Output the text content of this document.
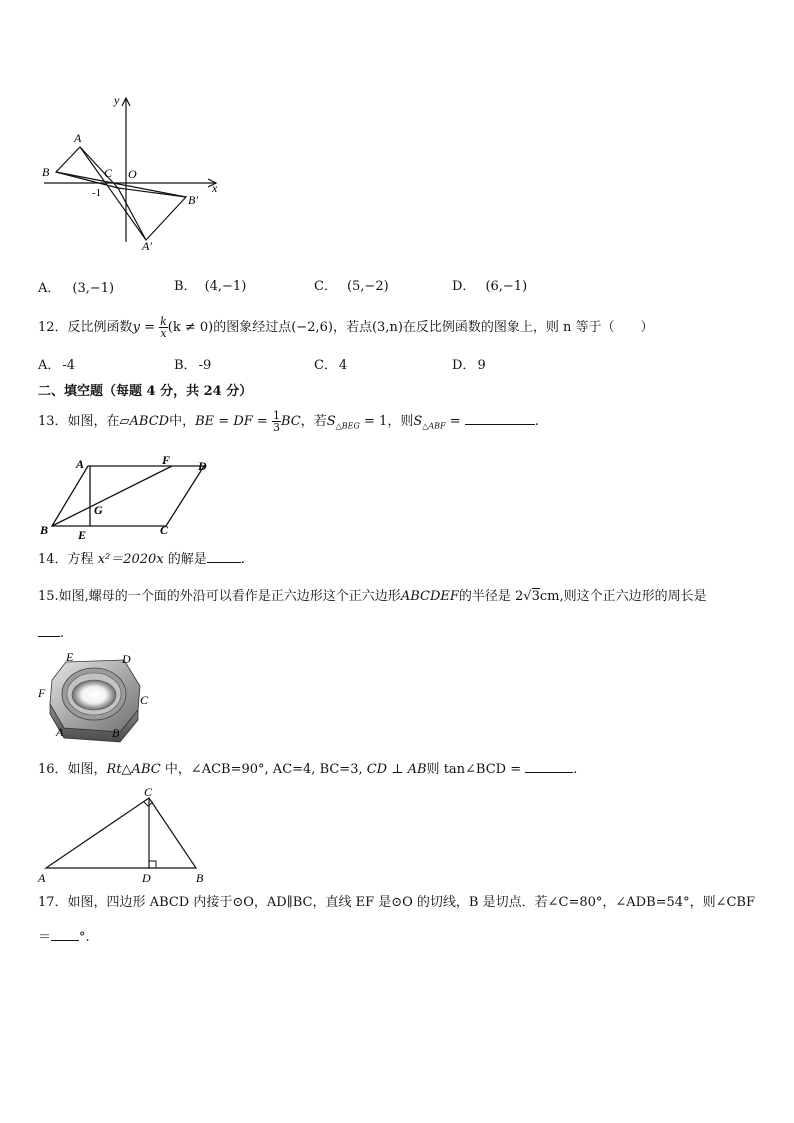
A
B	C O
-1	B′
A′
y
x
A． (3,−1)	B． (4,−1)	C． (5,−2)	D． (6,−1)
12．反比例函数$y = \frac{k}{x} (k \ne 0)$的图象经过点(−2,6)，若点(3,n)在反比例函数的图象上，则 n 等于（　　）
A． -4	B． -9	C． 4	D． 9
二、填空题（每题 4 分，共 24 分）
13．如图，在▱ABCD中，BE = DF = $\frac{1}{3}$ BC，若$S_{\triangle BEG} = 1$，则$S_{\triangle ABF}$ =	.
A	F D
B
G
E	C
14．方程 x²＝2020x 的解是	.
15.如图,螺母的一个面的外沿可以看作是正六边形这个正六边形ABCDEF的半径是 2√3cm,则这个正六边形的周长是
.
E	D
F	C
A	B
16．如图，Rt△ABC 中，∠ACB=90°, AC=4, BC=3, CD ⊥ AB则 tan∠BCD =	.
C
A	D	B
17．如图，四边形 ABCD 内接于⊙O，AD∥BC，直线 EF 是⊙O 的切线，B 是切点．若∠C=80°，∠ADB=54°，则∠CBF
＝ °.
